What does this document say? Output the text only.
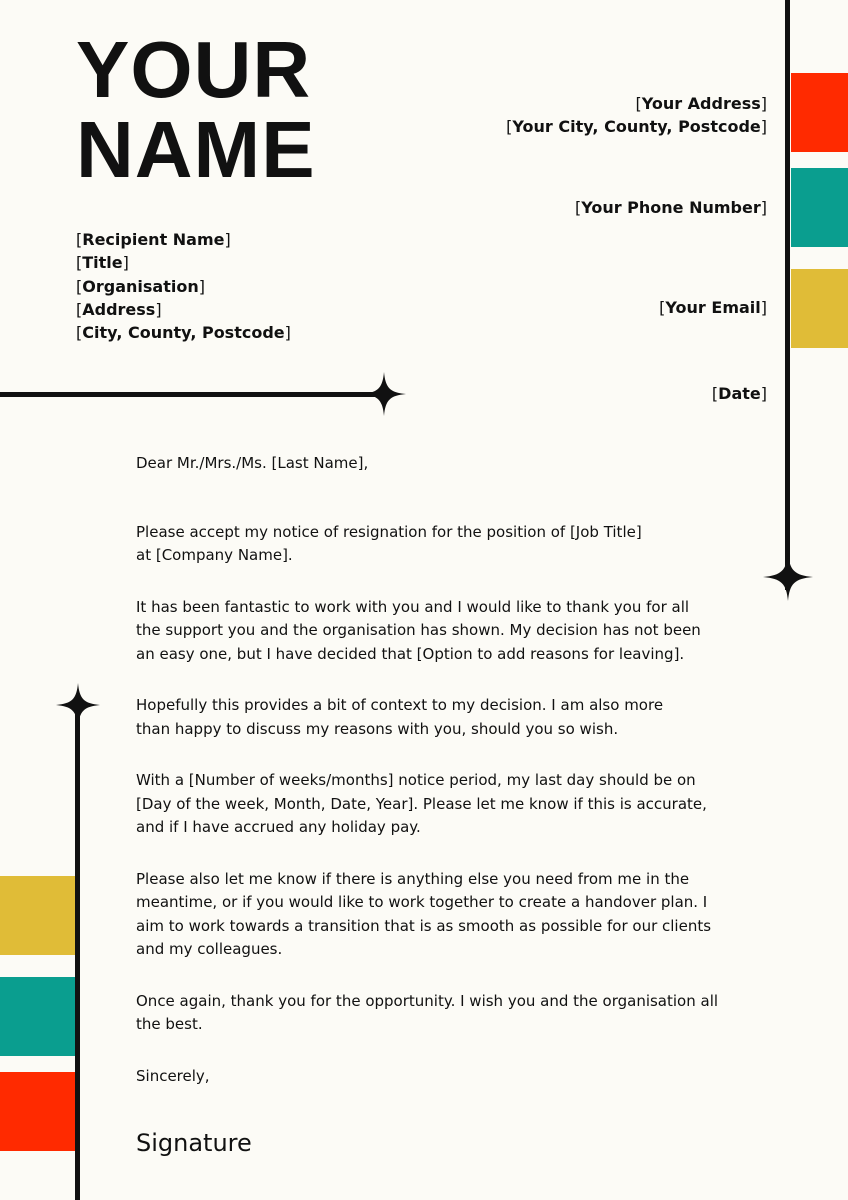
YOUR
NAME
[Your Address]
[Your City, County, Postcode]
[Your Phone Number]
[Your Email]
[Date]
[Recipient Name]
[Title]
[Organisation]
[Address]
[City, County, Postcode]

Dear Mr./Mrs./Ms. [Last Name],

Please accept my notice of resignation for the position of [Job Title] at [Company Name].

It has been fantastic to work with you and I would like to thank you for all the support you and the organisation has shown. My decision has not been an easy one, but I have decided that [Option to add reasons for leaving].

Hopefully this provides a bit of context to my decision. I am also more than happy to discuss my reasons with you, should you so wish.

With a [Number of weeks/months] notice period, my last day should be on [Day of the week, Month, Date, Year]. Please let me know if this is accurate, and if I have accrued any holiday pay.

Please also let me know if there is anything else you need from me in the meantime, or if you would like to work together to create a handover plan. I aim to work towards a transition that is as smooth as possible for our clients and my colleagues.

Once again, thank you for the opportunity. I wish you and the organisation all the best.

Sincerely,

Signature
